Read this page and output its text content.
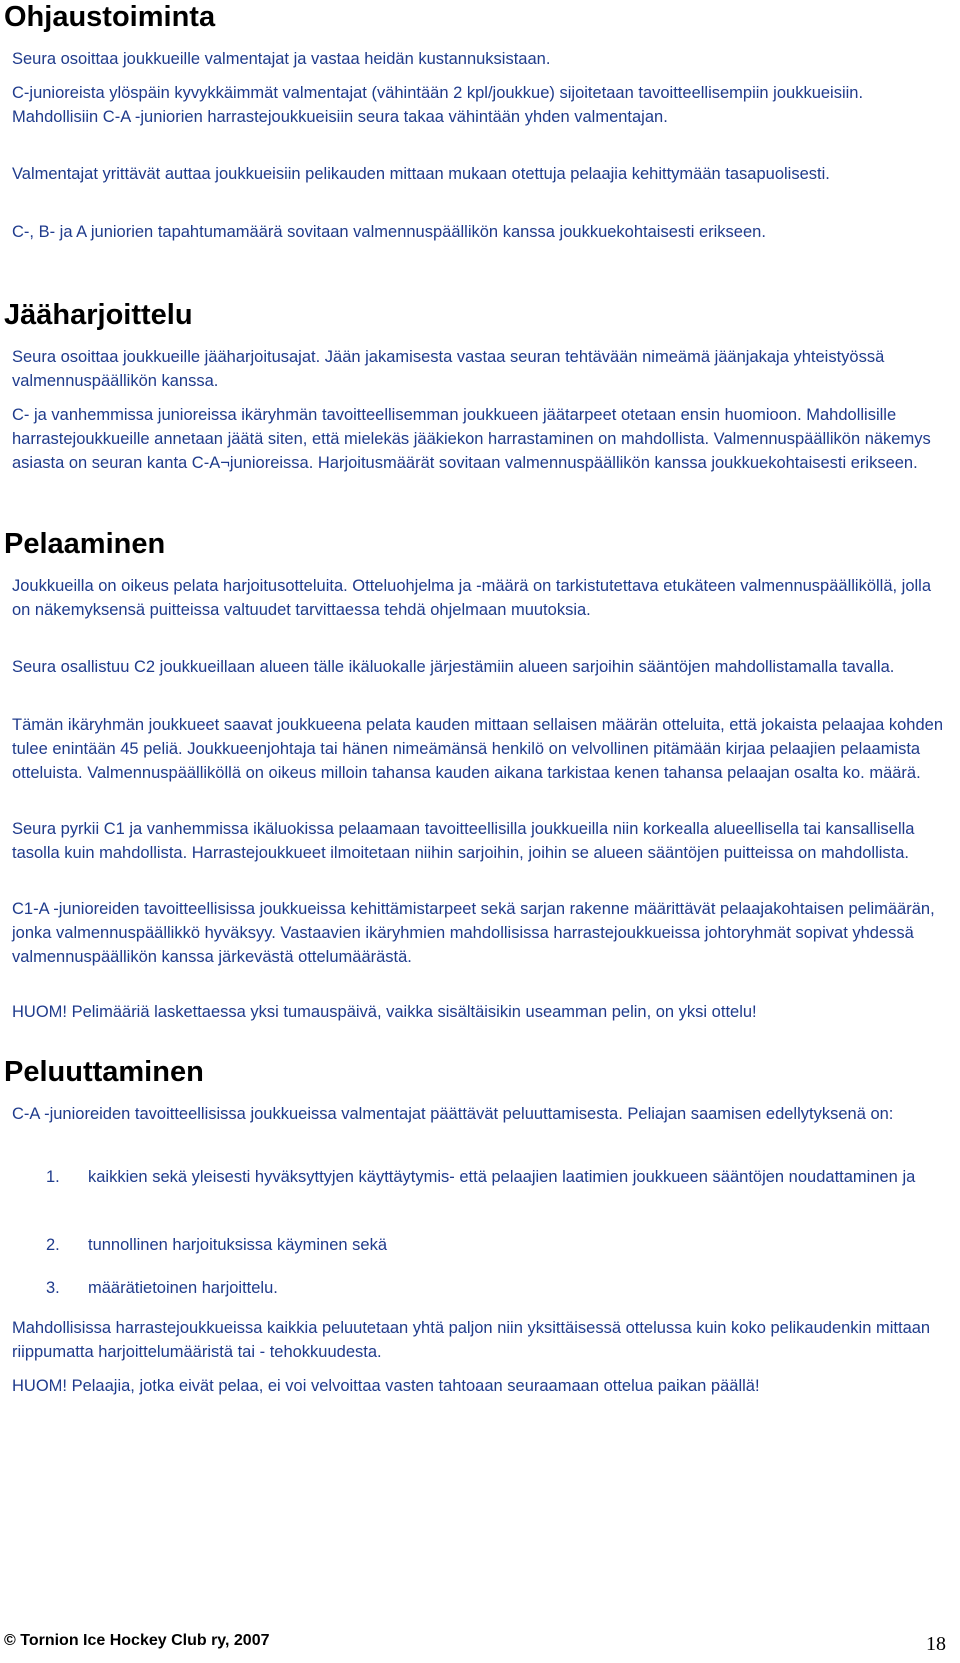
Ohjaustoiminta

Seura osoittaa joukkueille valmentajat ja vastaa heidän kustannuksistaan.

C-junioreista ylöspäin kyvykkäimmät valmentajat (vähintään 2 kpl/joukkue) sijoitetaan tavoitteellisempiin joukkueisiin. Mahdollisiin C-A -juniorien harrastejoukkueisiin seura takaa vähintään yhden valmentajan.

Valmentajat yrittävät auttaa joukkueisiin pelikauden mittaan mukaan otettuja pelaajia kehittymään tasapuolisesti.

C-, B- ja A juniorien tapahtumamäärä sovitaan valmennuspäällikön kanssa joukkuekohtaisesti erikseen.

Jääharjoittelu

Seura osoittaa joukkueille jääharjoitusajat. Jään jakamisesta vastaa seuran tehtävään nimeämä jäänjakaja yhteistyössä valmennuspäällikön kanssa.

C- ja vanhemmissa junioreissa ikäryhmän tavoitteellisemman joukkueen jäätarpeet otetaan ensin huomioon. Mahdollisille harrastejoukkueille annetaan jäätä siten, että mielekäs jääkiekon harrastaminen on mahdollista. Valmennuspäällikön näkemys asiasta on seuran kanta C-A¬junioreissa. Harjoitusmäärät sovitaan valmennuspäällikön kanssa joukkuekohtaisesti erikseen.

Pelaaminen

Joukkueilla on oikeus pelata harjoitusotteluita. Otteluohjelma ja -määrä on tarkistutettava etukäteen valmennuspäälliköllä, jolla on näkemyksensä puitteissa valtuudet tarvittaessa tehdä ohjelmaan muutoksia.

Seura osallistuu C2 joukkueillaan alueen tälle ikäluokalle järjestämiin alueen sarjoihin sääntöjen mahdollistamalla tavalla.

Tämän ikäryhmän joukkueet saavat joukkueena pelata kauden mittaan sellaisen määrän otteluita, että jokaista pelaajaa kohden tulee enintään 45 peliä. Joukkueenjohtaja tai hänen nimeämänsä henkilö on velvollinen pitämään kirjaa pelaajien pelaamista otteluista. Valmennuspäälliköllä on oikeus milloin tahansa kauden aikana tarkistaa kenen tahansa pelaajan osalta ko. määrä.

Seura pyrkii C1 ja vanhemmissa ikäluokissa pelaamaan tavoitteellisilla joukkueilla niin korkealla alueellisella tai kansallisella tasolla kuin mahdollista. Harrastejoukkueet ilmoitetaan niihin sarjoihin, joihin se alueen sääntöjen puitteissa on mahdollista.

C1-A -junioreiden tavoitteellisissa joukkueissa kehittämistarpeet sekä sarjan rakenne määrittävät pelaajakohtaisen pelimäärän, jonka valmennuspäällikkö hyväksyy. Vastaavien ikäryhmien mahdollisissa harrastejoukkueissa johtoryhmät sopivat yhdessä valmennuspäällikön kanssa järkevästä ottelumäärästä.

HUOM! Pelimääriä laskettaessa yksi tumauspäivä, vaikka sisältäisikin useamman pelin, on yksi ottelu!

Peluuttaminen

C-A -junioreiden tavoitteellisissa joukkueissa valmentajat päättävät peluuttamisesta. Peliajan saamisen edellytyksenä on:

1. kaikkien sekä yleisesti hyväksyttyjen käyttäytymis- että pelaajien laatimien joukkueen sääntöjen noudattaminen ja
2. tunnollinen harjoituksissa käyminen sekä
3. määrätietoinen harjoittelu.

Mahdollisissa harrastejoukkueissa kaikkia peluutetaan yhtä paljon niin yksittäisessä ottelussa kuin koko pelikaudenkin mittaan riippumatta harjoittelumääristä tai - tehokkuudesta.

HUOM! Pelaajia, jotka eivät pelaa, ei voi velvoittaa vasten tahtoaan seuraamaan ottelua paikan päällä!

© Tornion Ice Hockey Club ry, 2007	18
